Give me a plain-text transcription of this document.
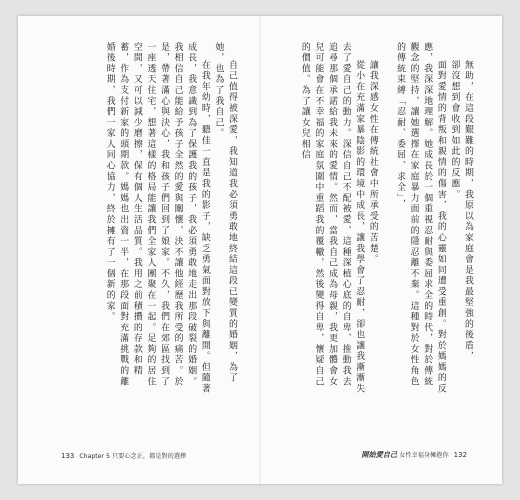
自己值得被深愛，我知道我必須勇敢地終結這段已變質的婚姻，為了她，也為了我自己。

在我年幼時，聽佳一直是我的影子，缺乏勇氣面對放下與離開。但隨著成長，我意識到為了保護我的孩子，我必須勇敢地走出那段破裂的婚姻。我相信自己能給予孩子全然的愛與關懷，決不讓他經歷我所受的痛苦。於是，帶著滿心與決心，我和孩子們回到了娘家。不久，我們在郊區找到了一座透天住宅，想著這樣的格局能讓我們全家人團聚在一起。足夠的居住空間，又可以減少磨擦，保有個人生活品質。我用之前積攢的存款和精蓄，作為支付新家的頭期款。媽媽也出資一半，在那段面對充滿挑戰的離婚後時期，我們一家人同心協力，終於擁有了一個新的家。	無助，在這段艱難的時期，我原以為家庭會是我最堅強的後盾，

卻沒想到會收到如此的反應。

面對愛情的背叛和親情的傷害，我的心靈如同遭受重創。對於媽媽的反應，我深深地理解。她成長於一個重視忍耐與委屈求全的時代，對於傳統觀念的堅持，讓她選擇在家庭暴力面前的隱忍離不棄。這種對於女性角色的傳統束縛「忍耐、委屈、求全」，

讓我深感女性在傳統社會中所承受的苦楚。

從小在充滿家暴陰影的環境中成長，讓我學會了忍耐，卻也讓我漸漸失去了愛自己的動力。深信自己不配被愛，這種深植心底的自卑，推動我去追尋那個承諾給我未來的愛情。然而，當我自己成為母親，我更加體會女兒可能會在不幸福的家庭氛圍中重蹈我的覆轍，然後變得自卑，懷疑自己的價值。為了讓女兒相信

133 Chapter 5 只要心念正，都是對的選擇	開始愛自己 女性幸福身擁抱你 132
